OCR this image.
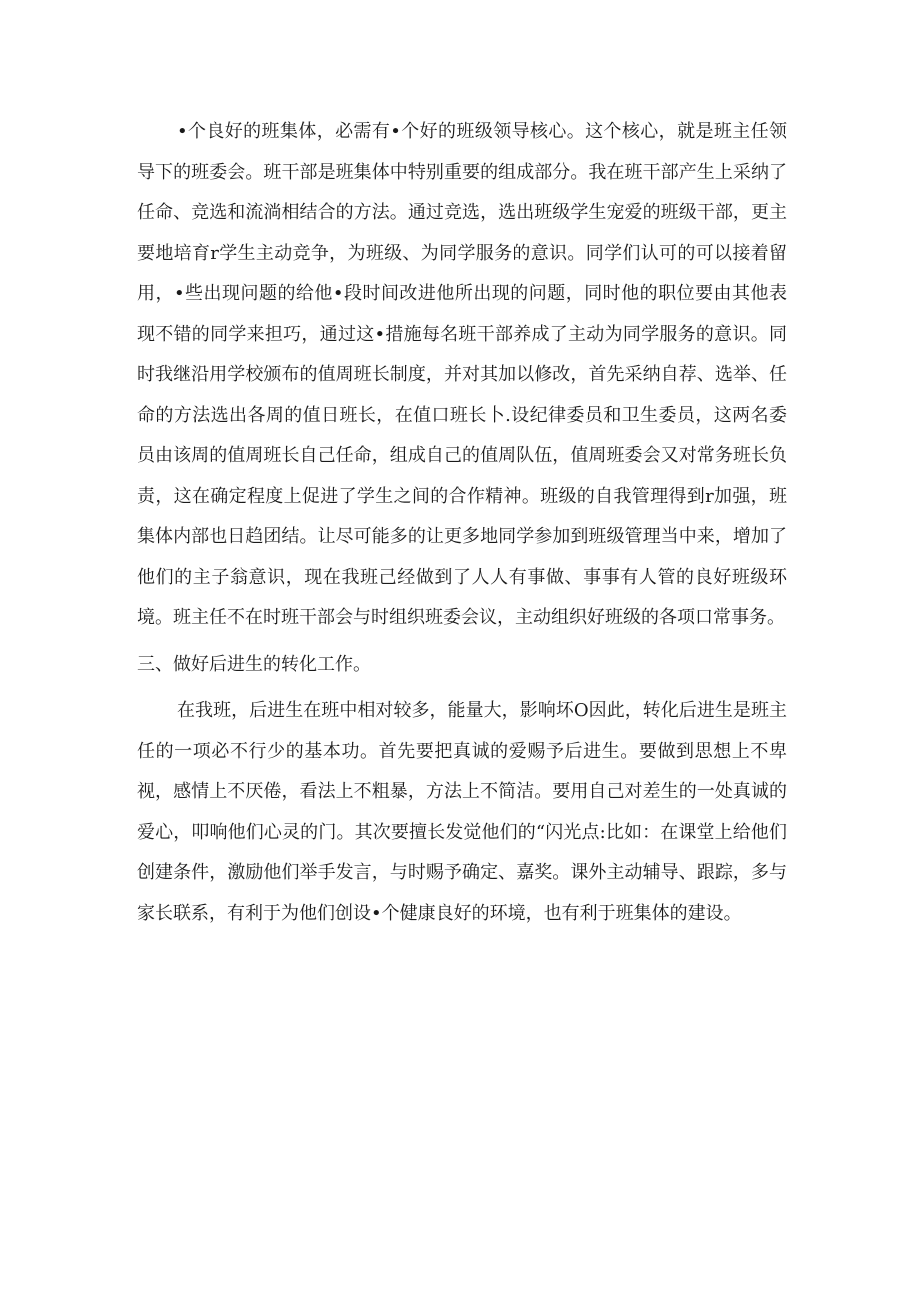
•个良好的班集体，必需有•个好的班级领导核心。这个核心，就是班主任领导下的班委会。班干部是班集体中特别重要的组成部分。我在班干部产生上采纳了任命、竞选和流淌相结合的方法。通过竞选，选出班级学生宠爱的班级干部，更主要地培育r学生主动竞争，为班级、为同学服务的意识。同学们认可的可以接着留用，•些出现问题的给他•段时间改进他所出现的问题，同时他的职位要由其他表现不错的同学来担巧，通过这•措施每名班干部养成了主动为同学服务的意识。同时我继沿用学校颁布的值周班长制度，并对其加以修改，首先采纳自荐、选举、任命的方法选出各周的值日班长，在值口班长卜.设纪律委员和卫生委员，这两名委员由该周的值周班长自己任命，组成自己的值周队伍，值周班委会又对常务班长负责，这在确定程度上促进了学生之间的合作精神。班级的自我管理得到r加强，班集体内部也日趋团结。让尽可能多的让更多地同学参加到班级管理当中来，增加了他们的主子翁意识，现在我班己经做到了人人有事做、事事有人管的良好班级环境。班主任不在时班干部会与时组织班委会议，主动组织好班级的各项口常事务。

三、做好后进生的转化工作。

在我班，后进生在班中相对较多，能量大，影响坏O因此，转化后进生是班主任的一项必不行少的基本功。首先要把真诚的爱赐予后进生。要做到思想上不卑视，感情上不厌倦，看法上不粗暴，方法上不简洁。要用自己对差生的一处真诚的爱心，叩响他们心灵的门。其次要擅长发觉他们的“闪光点:比如：在课堂上给他们创建条件，激励他们举手发言，与时赐予确定、嘉奖。课外主动辅导、跟踪，多与家长联系，有利于为他们创设•个健康良好的环境，也有利于班集体的建设。
